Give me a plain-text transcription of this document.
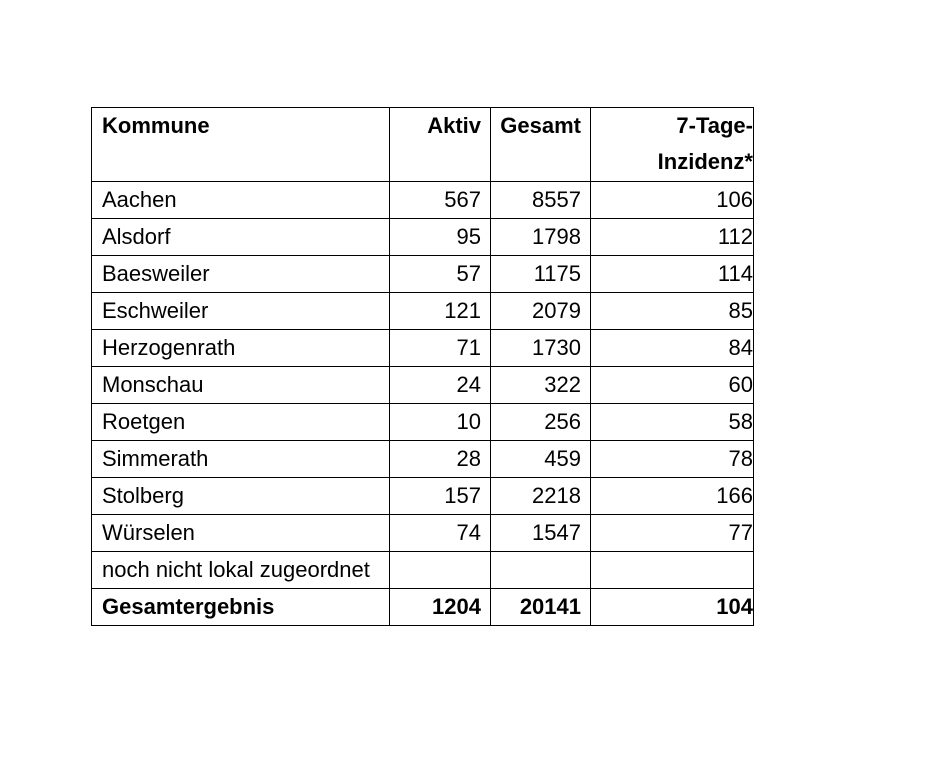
Kommune	Aktiv	Gesamt	7-Tage-
Inzidenz*
Aachen	567	8557	106
Alsdorf	95	1798	112
Baesweiler	57	1175	114
Eschweiler	121	2079	85
Herzogenrath	71	1730	84
Monschau	24	322	60
Roetgen	10	256	58
Simmerath	28	459	78
Stolberg	157	2218	166
Würselen	74	1547	77
noch nicht lokal zugeordnet			
Gesamtergebnis	1204	20141	104
